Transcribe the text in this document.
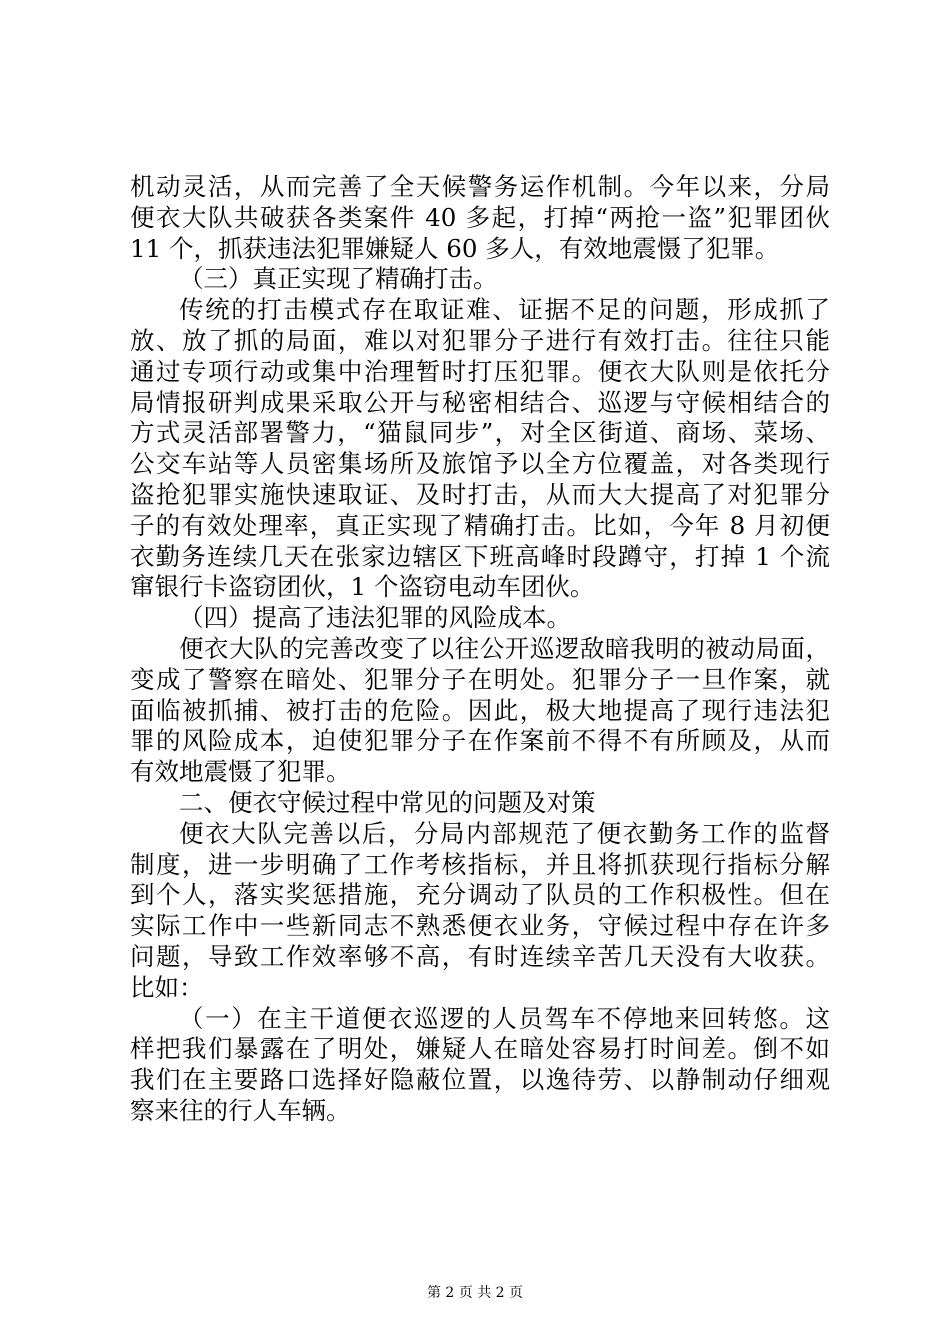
机动灵活，从而完善了全天候警务运作机制。今年以来，分局
便衣大队共破获各类案件 40 多起，打掉“两抢一盗”犯罪团伙
11 个，抓获违法犯罪嫌疑人 60 多人，有效地震慑了犯罪。
（三）真正实现了精确打击。
传统的打击模式存在取证难、证据不足的问题，形成抓了
放、放了抓的局面，难以对犯罪分子进行有效打击。往往只能
通过专项行动或集中治理暂时打压犯罪。便衣大队则是依托分
局情报研判成果采取公开与秘密相结合、巡逻与守候相结合的
方式灵活部署警力，“猫鼠同步”，对全区街道、商场、菜场、
公交车站等人员密集场所及旅馆予以全方位覆盖，对各类现行
盗抢犯罪实施快速取证、及时打击，从而大大提高了对犯罪分
子的有效处理率，真正实现了精确打击。比如，今年 8 月初便
衣勤务连续几天在张家边辖区下班高峰时段蹲守，打掉 1 个流
窜银行卡盗窃团伙，1 个盗窃电动车团伙。
（四）提高了违法犯罪的风险成本。
便衣大队的完善改变了以往公开巡逻敌暗我明的被动局面，
变成了警察在暗处、犯罪分子在明处。犯罪分子一旦作案，就
面临被抓捕、被打击的危险。因此，极大地提高了现行违法犯
罪的风险成本，迫使犯罪分子在作案前不得不有所顾及，从而
有效地震慑了犯罪。
二、便衣守候过程中常见的问题及对策
便衣大队完善以后，分局内部规范了便衣勤务工作的监督
制度，进一步明确了工作考核指标，并且将抓获现行指标分解
到个人，落实奖惩措施，充分调动了队员的工作积极性。但在
实际工作中一些新同志不熟悉便衣业务，守候过程中存在许多
问题，导致工作效率够不高，有时连续辛苦几天没有大收获。
比如：
（一）在主干道便衣巡逻的人员驾车不停地来回转悠。这
样把我们暴露在了明处，嫌疑人在暗处容易打时间差。倒不如
我们在主要路口选择好隐蔽位置，以逸待劳、以静制动仔细观
察来往的行人车辆。
第 2 页 共 2 页
